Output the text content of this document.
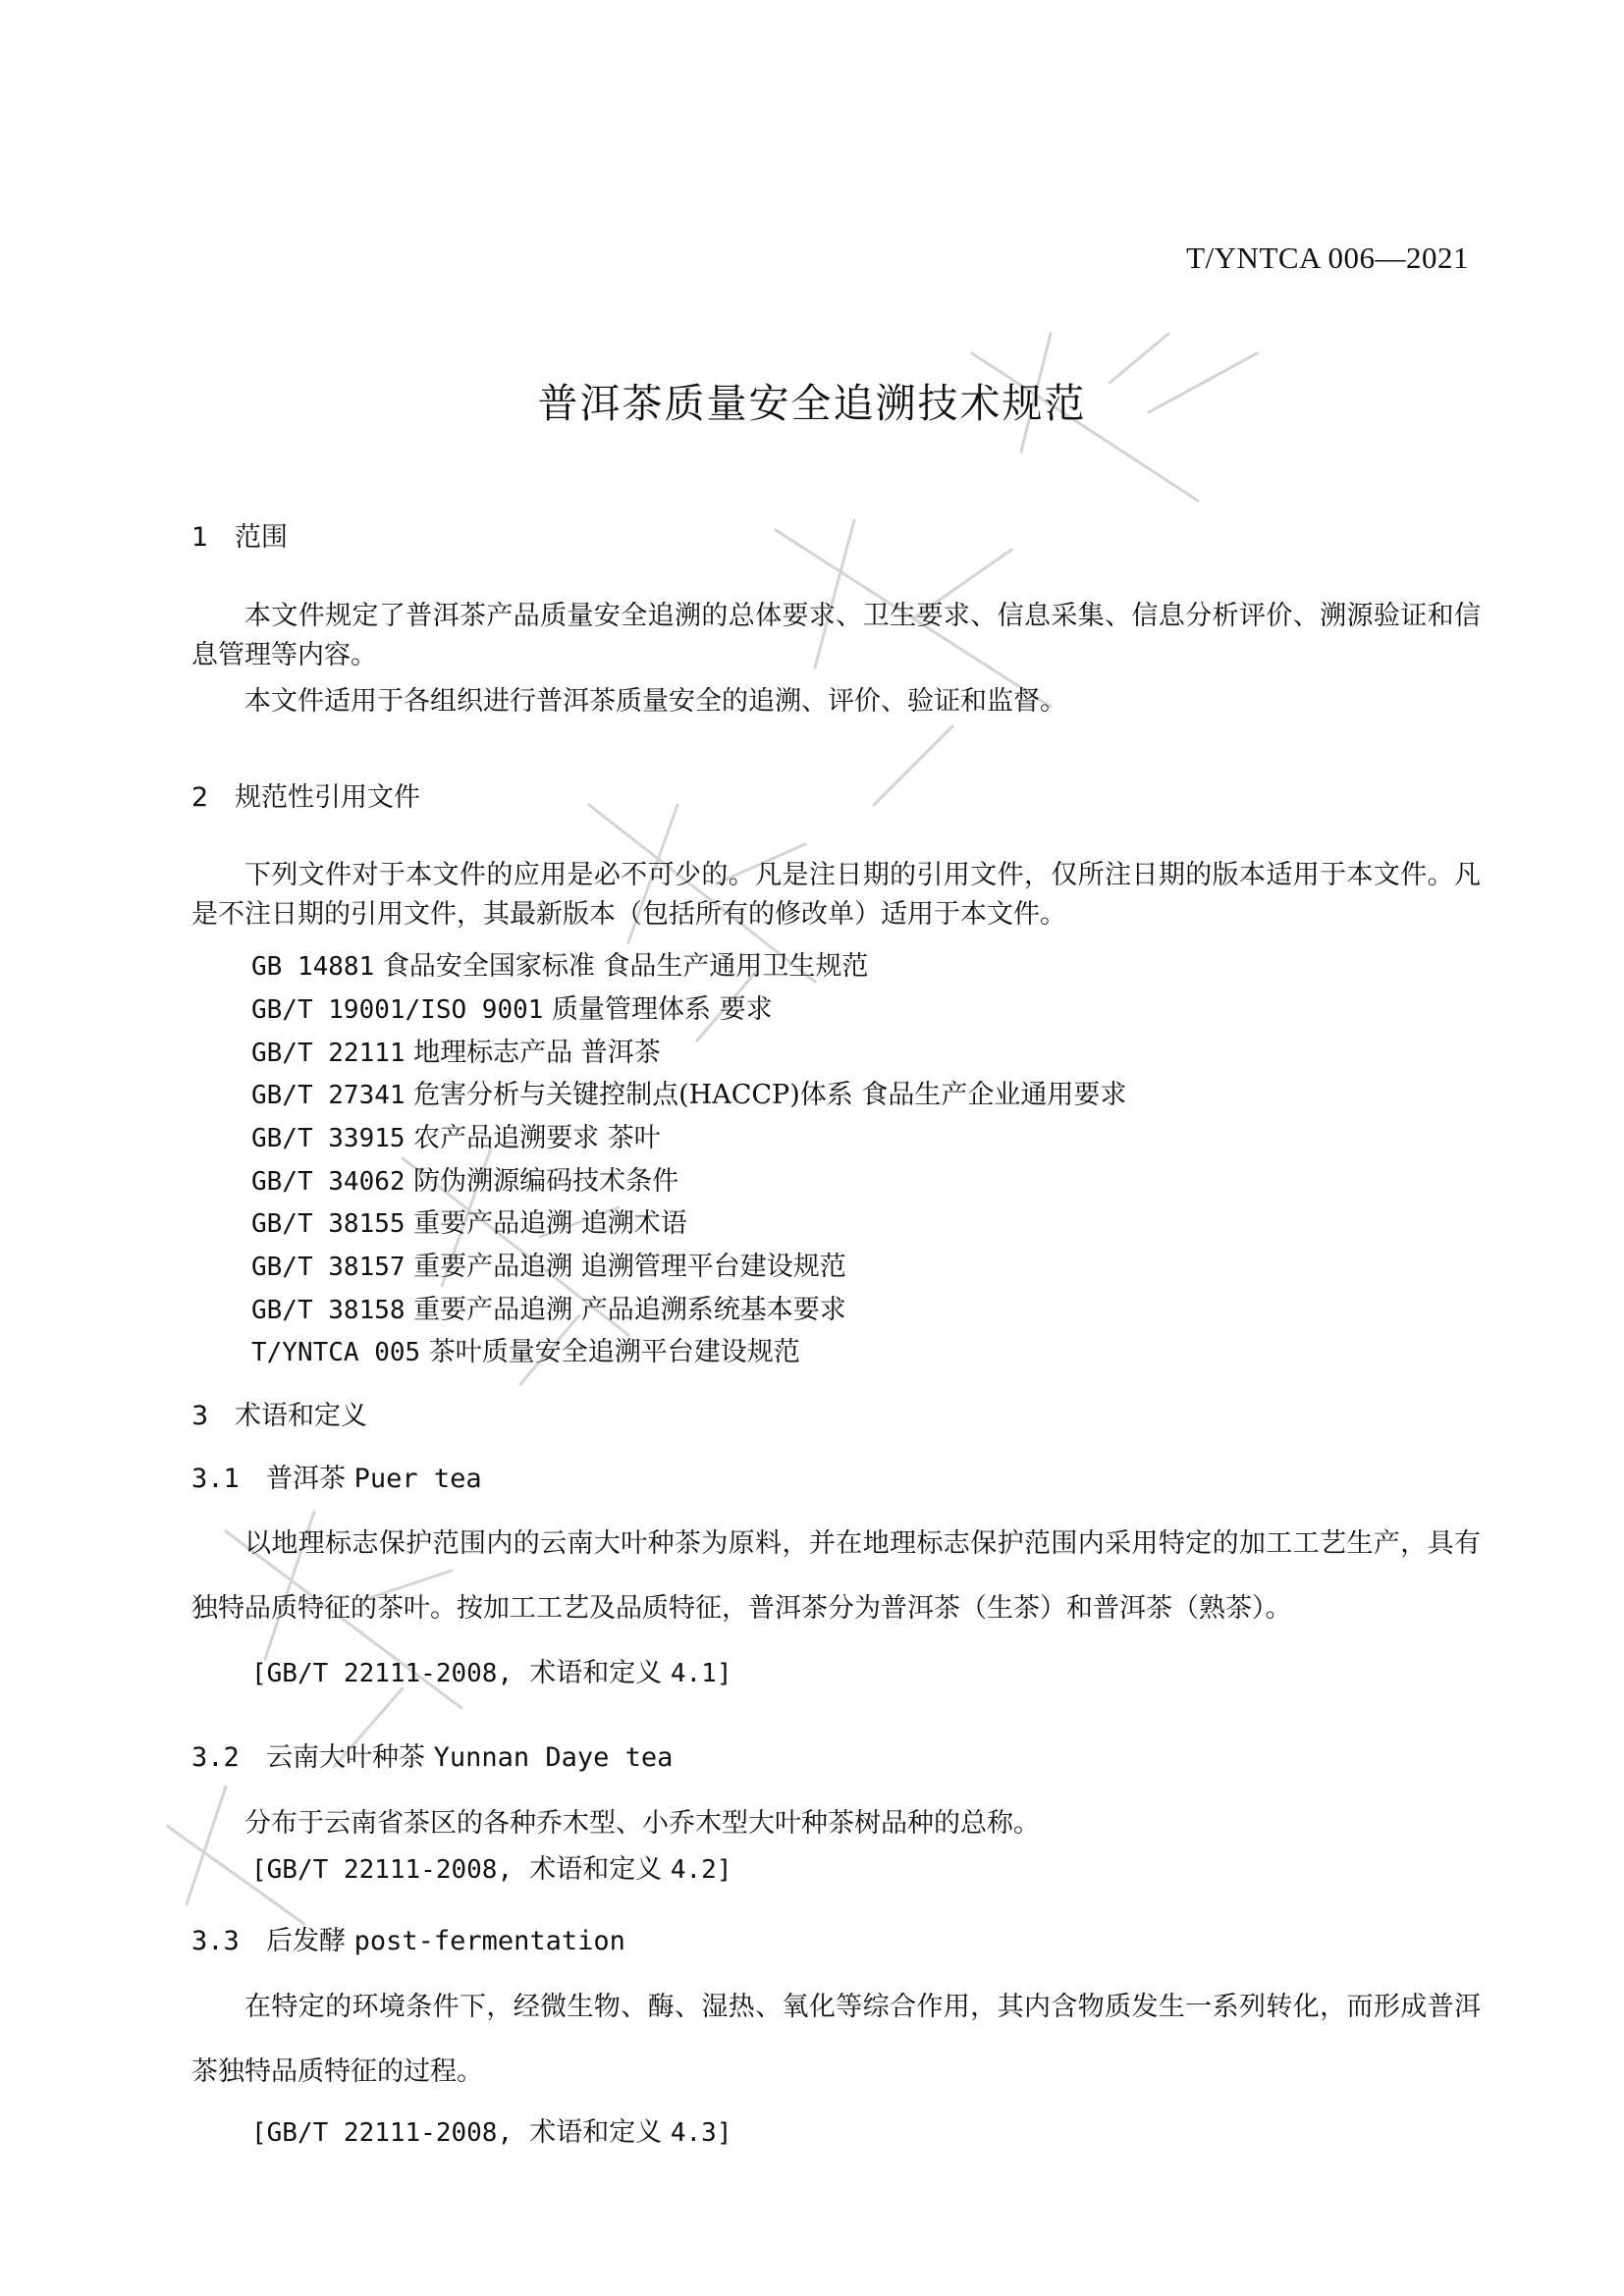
T/YNTCA 006—2021
普洱茶质量安全追溯技术规范
1 范围

本文件规定了普洱茶产品质量安全追溯的总体要求、卫生要求、信息采集、信息分析评价、溯源验证和信息管理等内容。

本文件适用于各组织进行普洱茶质量安全的追溯、评价、验证和监督。

2 规范性引用文件

下列文件对于本文件的应用是必不可少的。凡是注日期的引用文件，仅所注日期的版本适用于本文件。凡是不注日期的引用文件，其最新版本（包括所有的修改单）适用于本文件。

GB 14881 食品安全国家标准 食品生产通用卫生规范
GB/T 19001/ISO 9001 质量管理体系 要求
GB/T 22111 地理标志产品 普洱茶
GB/T 27341 危害分析与关键控制点(HACCP)体系 食品生产企业通用要求
GB/T 33915 农产品追溯要求 茶叶
GB/T 34062 防伪溯源编码技术条件
GB/T 38155 重要产品追溯 追溯术语
GB/T 38157 重要产品追溯 追溯管理平台建设规范
GB/T 38158 重要产品追溯 产品追溯系统基本要求
T/YNTCA 005 茶叶质量安全追溯平台建设规范
3 术语和定义
3.1 普洱茶 Puer tea

以地理标志保护范围内的云南大叶种茶为原料，并在地理标志保护范围内采用特定的加工工艺生产，具有独特品质特征的茶叶。按加工工艺及品质特征，普洱茶分为普洱茶（生茶）和普洱茶（熟茶）。

[GB/T 22111-2008, 术语和定义 4.1]
3.2 云南大叶种茶 Yunnan Daye tea

分布于云南省茶区的各种乔木型、小乔木型大叶种茶树品种的总称。

[GB/T 22111-2008, 术语和定义 4.2]
3.3 后发酵 post-fermentation

在特定的环境条件下，经微生物、酶、湿热、氧化等综合作用，其内含物质发生一系列转化，而形成普洱茶独特品质特征的过程。

[GB/T 22111-2008, 术语和定义 4.3]
